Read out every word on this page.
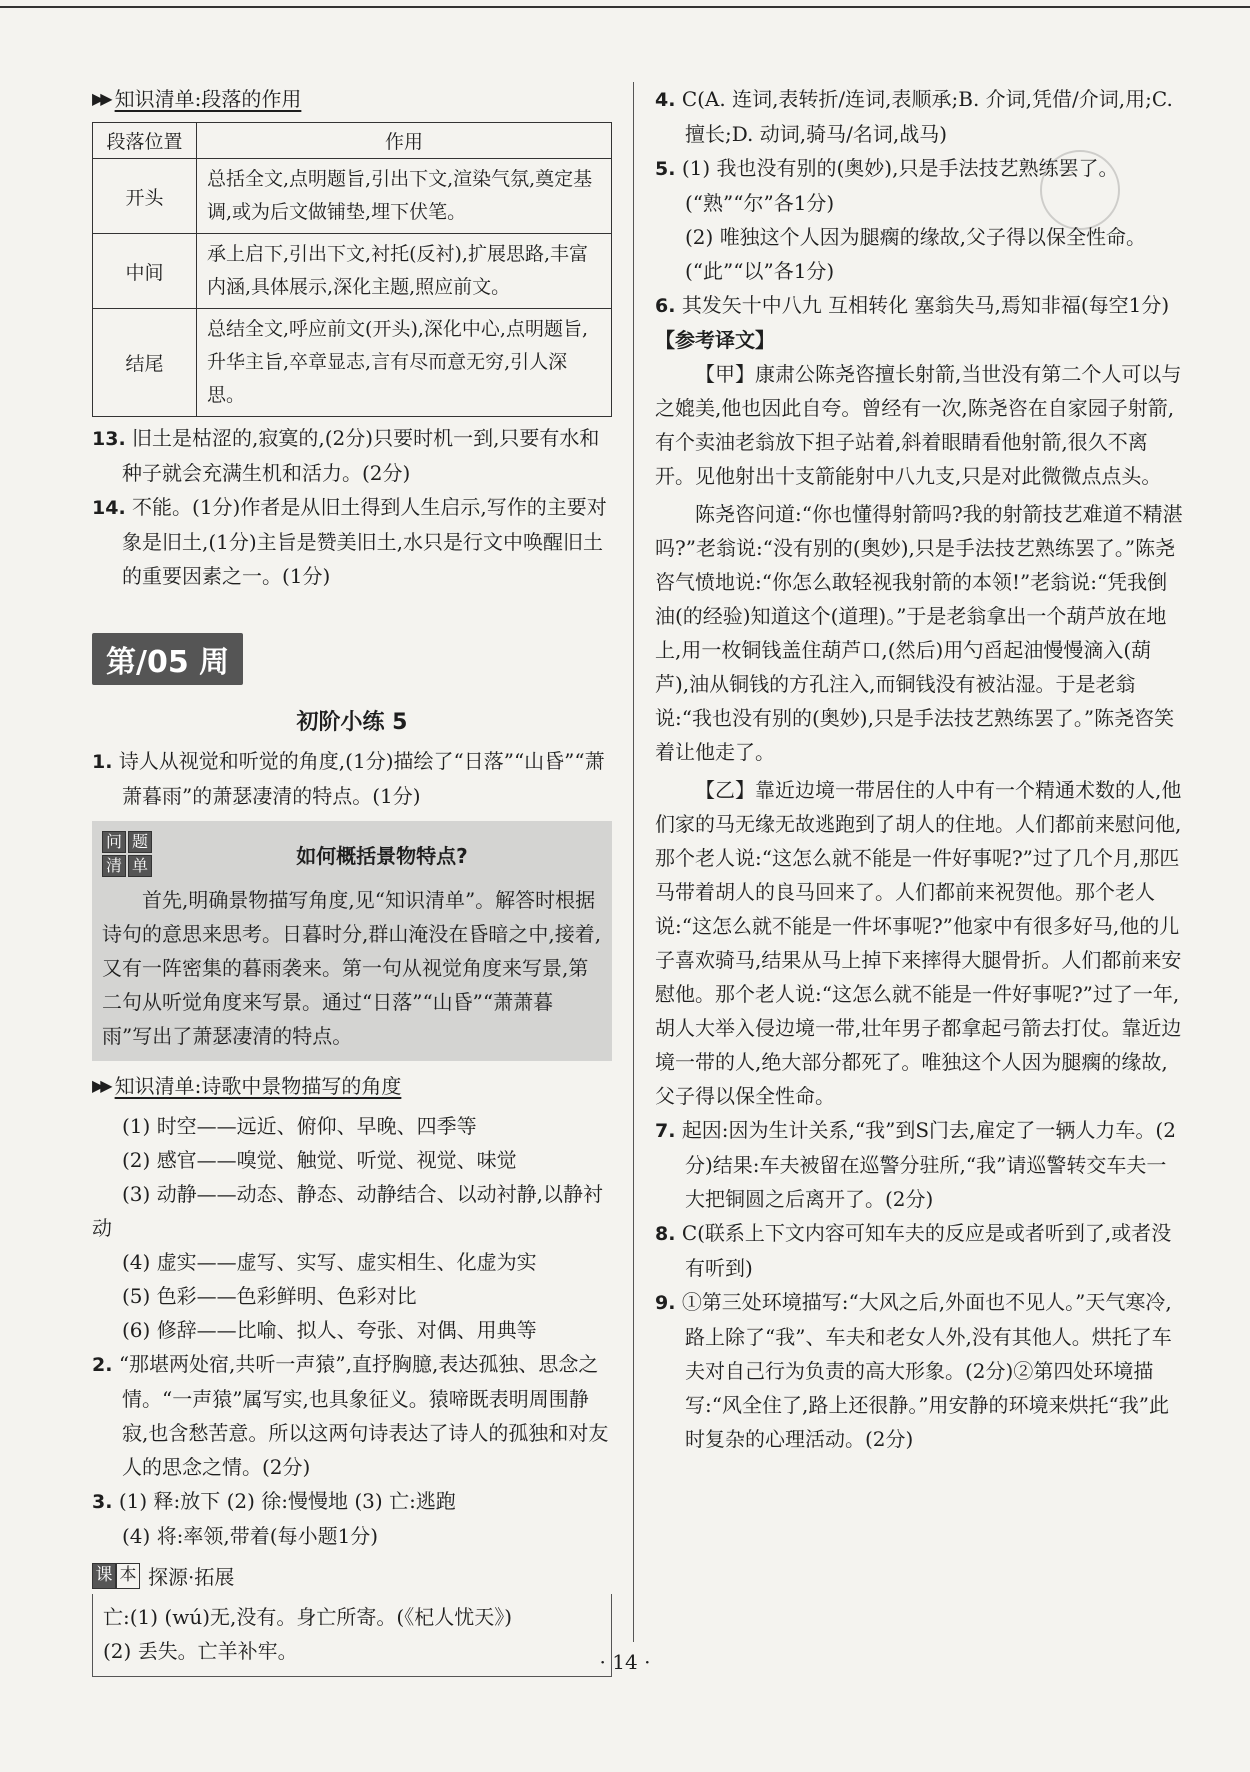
▶▶ 知识清单:段落的作用
段落位置	作用
开头	总括全文,点明题旨,引出下文,渲染气氛,奠定基调,或为后文做铺垫,埋下伏笔。
中间	承上启下,引出下文,衬托(反衬),扩展思路,丰富内涵,具体展示,深化主题,照应前文。
结尾	总结全文,呼应前文(开头),深化中心,点明题旨,升华主旨,卒章显志,言有尽而意无穷,引人深思。
13. 旧土是枯涩的,寂寞的,(2分)只要时机一到,只要有水和种子就会充满生机和活力。(2分)
14. 不能。(1分)作者是从旧土得到人生启示,写作的主要对象是旧土,(1分)主旨是赞美旧土,水只是行文中唤醒旧土的重要因素之一。(1分)
第/05 周
初阶小练 5
1. 诗人从视觉和听觉的角度,(1分)描绘了“日落”“山昏”“萧萧暮雨”的萧瑟凄清的特点。(1分)
问 题
清 单	如何概括景物特点?
首先,明确景物描写角度,见“知识清单”。解答时根据诗句的意思来思考。日暮时分,群山淹没在昏暗之中,接着,又有一阵密集的暮雨袭来。第一句从视觉角度来写景,第二句从听觉角度来写景。通过“日落”“山昏”“萧萧暮雨”写出了萧瑟凄清的特点。
▶▶ 知识清单:诗歌中景物描写的角度
(1) 时空——远近、俯仰、早晚、四季等
(2) 感官——嗅觉、触觉、听觉、视觉、味觉
(3) 动静——动态、静态、动静结合、以动衬静,以静衬动
(4) 虚实——虚写、实写、虚实相生、化虚为实
(5) 色彩——色彩鲜明、色彩对比
(6) 修辞——比喻、拟人、夸张、对偶、用典等
2. “那堪两处宿,共听一声猿”,直抒胸臆,表达孤独、思念之情。“一声猿”属写实,也具象征义。猿啼既表明周围静寂,也含愁苦意。所以这两句诗表达了诗人的孤独和对友人的思念之情。(2分)
3. (1) 释:放下 (2) 徐:慢慢地 (3) 亡:逃跑
(4) 将:率领,带着(每小题1分)
课 本 探源·拓展
亡:(1) (wú)无,没有。身亡所寄。(《杞人忧天》)
(2) 丢失。亡羊补牢。
4. C(A. 连词,表转折/连词,表顺承;B. 介词,凭借/介词,用;C. 擅长;D. 动词,骑马/名词,战马)
5. (1) 我也没有别的(奥妙),只是手法技艺熟练罢了。(“熟”“尔”各1分)
(2) 唯独这个人因为腿瘸的缘故,父子得以保全性命。(“此”“以”各1分)
6. 其发矢十中八九 互相转化 塞翁失马,焉知非福(每空1分)
【参考译文】
【甲】康肃公陈尧咨擅长射箭,当世没有第二个人可以与之媲美,他也因此自夸。曾经有一次,陈尧咨在自家园子射箭,有个卖油老翁放下担子站着,斜着眼睛看他射箭,很久不离开。见他射出十支箭能射中八九支,只是对此微微点点头。
陈尧咨问道:“你也懂得射箭吗?我的射箭技艺难道不精湛吗?”老翁说:“没有别的(奥妙),只是手法技艺熟练罢了。”陈尧咨气愤地说:“你怎么敢轻视我射箭的本领!”老翁说:“凭我倒油(的经验)知道这个(道理)。”于是老翁拿出一个葫芦放在地上,用一枚铜钱盖住葫芦口,(然后)用勺舀起油慢慢滴入(葫芦),油从铜钱的方孔注入,而铜钱没有被沾湿。于是老翁说:“我也没有别的(奥妙),只是手法技艺熟练罢了。”陈尧咨笑着让他走了。
【乙】靠近边境一带居住的人中有一个精通术数的人,他们家的马无缘无故逃跑到了胡人的住地。人们都前来慰问他,那个老人说:“这怎么就不能是一件好事呢?”过了几个月,那匹马带着胡人的良马回来了。人们都前来祝贺他。那个老人说:“这怎么就不能是一件坏事呢?”他家中有很多好马,他的儿子喜欢骑马,结果从马上掉下来摔得大腿骨折。人们都前来安慰他。那个老人说:“这怎么就不能是一件好事呢?”过了一年,胡人大举入侵边境一带,壮年男子都拿起弓箭去打仗。靠近边境一带的人,绝大部分都死了。唯独这个人因为腿瘸的缘故,父子得以保全性命。
7. 起因:因为生计关系,“我”到S门去,雇定了一辆人力车。(2分)结果:车夫被留在巡警分驻所,“我”请巡警转交车夫一大把铜圆之后离开了。(2分)
8. C(联系上下文内容可知车夫的反应是或者听到了,或者没有听到)
9. ①第三处环境描写:“大风之后,外面也不见人。”天气寒冷,路上除了“我”、车夫和老女人外,没有其他人。烘托了车夫对自己行为负责的高大形象。(2分)②第四处环境描写:“风全住了,路上还很静。”用安静的环境来烘托“我”此时复杂的心理活动。(2分)
· 14 ·
